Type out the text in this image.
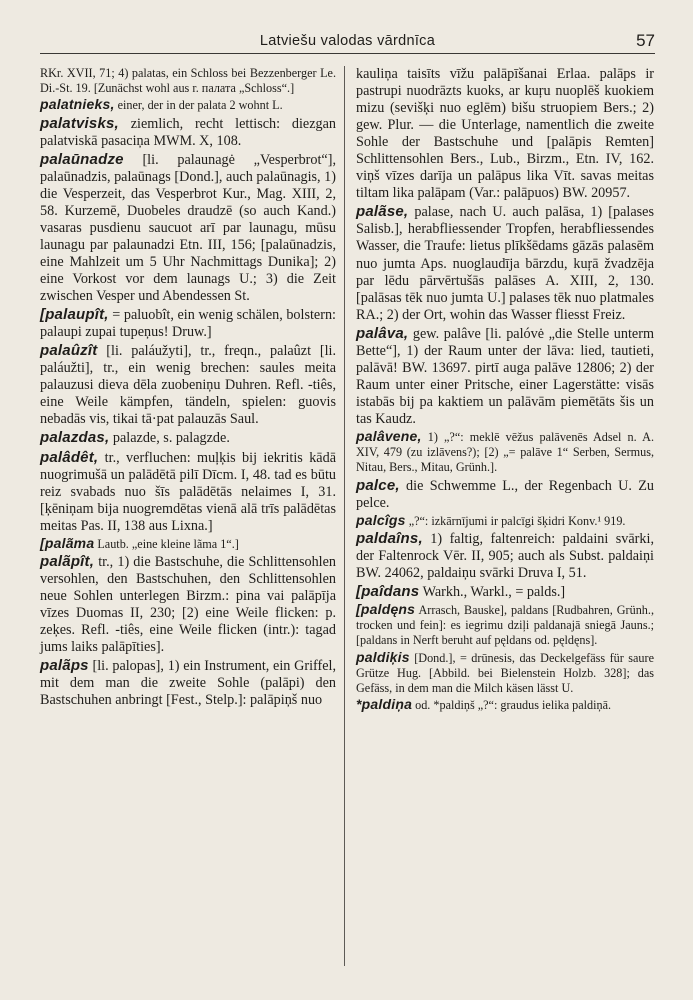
Latviešu valodas vārdnīca	57

RKr. XVII, 71; 4) palatas, ein Schloss bei Bezzenberger Le. Di.-St. 19. [Zunächst wohl aus r. палата „Schloss“.]

palatnieks, einer, der in der palata 2 wohnt L.

palatvisks, ziemlich, recht lettisch: diezgan palatviskā pasaciņa MWM. X, 108.

palaūnadze [li. palaunagė „Vesperbrot“], palaūnadzis, palaūnags [Dond.], auch palaūnagis, 1) die Vesperzeit, das Vesperbrot Kur., Mag. XIII, 2, 58. Kurzemē, Duobeles draudzē (so auch Kand.) vasaras pusdienu saucuot arī par launagu, mūsu launagu par palaunadzi Etn. III, 156; [palaūnadzis, eine Mahlzeit um 5 Uhr Nachmittags Dunika]; 2) eine Vorkost vor dem launags U.; 3) die Zeit zwischen Vesper und Abendessen St.

[palaupît, = paluobît, ein wenig schälen, bolstern: palaupi zupai tupeņus! Druw.]

palaûzît [li. paláužyti], tr., freqn., palaûzt [li. paláužti], tr., ein wenig brechen: saules meita palauzusi dieva dēla zuobeniņu Duhren. Refl. -tiês, eine Weile kämpfen, tändeln, spielen: guovis nebadās vis, tikai tā·pat palauzās Saul.

palazdas, palazde, s. palagzde.

palâdêt, tr., verfluchen: muļķis bij iekritis kādā nuogrimušā un palādētā pilī Dīcm. I, 48. tad es būtu reiz svabads nuo šīs palādētās nelaimes I, 31. [ķēniņam bija nuogremdētas vienā alā trīs palādētas meitas Pas. II, 138 aus Lixna.]

[palãma Lautb. „eine kleine lãma 1“.]

palãpît, tr., 1) die Bastschuhe, die Schlittensohlen versohlen, den Bastschuhen, den Schlittensohlen neue Sohlen unterlegen Birzm.: pina vai palāpīja vīzes Duomas II, 230; [2) eine Weile flicken: p. zeķes. Refl. -tiês, eine Weile flicken (intr.): tagad jums laiks palāpīties].

palãps [li. palopas], 1) ein Instrument, ein Griffel, mit dem man die zweite Sohle (palāpi) den Bastschuhen anbringt [Fest., Stelp.]: palāpiņš nuo

kauliņa taisīts vīžu palāpīšanai Erlaa. palāps ir pastrupi nuodrāzts kuoks, ar kuŗu nuoplēš kuokiem mizu (sevišķi nuo eglēm) bišu struopiem Bers.; 2) gew. Plur. — die Unterlage, namentlich die zweite Sohle der Bastschuhe und [palāpis Remten] Schlittensohlen Bers., Lub., Birzm., Etn. IV, 162. viņš vīzes darīja un palāpus lika Vīt. savas meitas tiltam lika palāpam (Var.: palāpuos) BW. 20957.

palãse, palase, nach U. auch palāsa, 1) [palases Salisb.], herabfliessender Tropfen, herabfliessendes Wasser, die Traufe: lietus plīkšēdams gāzās palasēm nuo jumta Aps. nuoglaudīja bārzdu, kuŗā žvadzēja par lēdu pārvērtušās palāses A. XIII, 2, 130. [palāsas tēk nuo jumta U.] palases tēk nuo platmales RA.; 2) der Ort, wohin das Wasser fliesst Freiz.

palâva, gew. palâve [li. palóvė „die Stelle unterm Bette“], 1) der Raum unter der lāva: lied, tautieti, palāvā! BW. 13697. pirtī auga palāve 12806; 2) der Raum unter einer Pritsche, einer Lagerstätte: visās istabās bij pa kaktiem un palāvām piemētāts šis un tas Kaudz.

palâvene, 1) „?“: meklē vēžus palāvenēs Adsel n. A. XIV, 479 (zu izlāvens?); [2) „= palāve 1“ Serben, Sermus, Nitau, Bers., Mitau, Grünh.].

palce, die Schwemme L., der Regenbach U. Zu pelce.

palcîgs „?“: izkārnījumi ir palcīgi šķidri Konv.¹ 919.

paldaîns, 1) faltig, faltenreich: paldaini svārki, der Faltenrock Vēr. II, 905; auch als Subst. paldaiņi BW. 24062, paldaiņu svārki Druva I, 51.

[paîdans Warkh., Warkl., = palds.]

[paldęns Arrasch, Bauske], paldans [Rudbahren, Grünh., trocken und fein]: es iegrimu dziļi paldanajā sniegā Jauns.; [paldans in Nerft beruht auf pęldans od. pęldęns].

paldiķis [Dond.], = drūnesis, das Deckelgefäss für saure Grütze Hug. [Abbild. bei Bielenstein Holzb. 328]; das Gefäss, in dem man die Milch käsen lässt U.

*paldiņa od. *paldiņš „?“: graudus ielika paldiņā.
